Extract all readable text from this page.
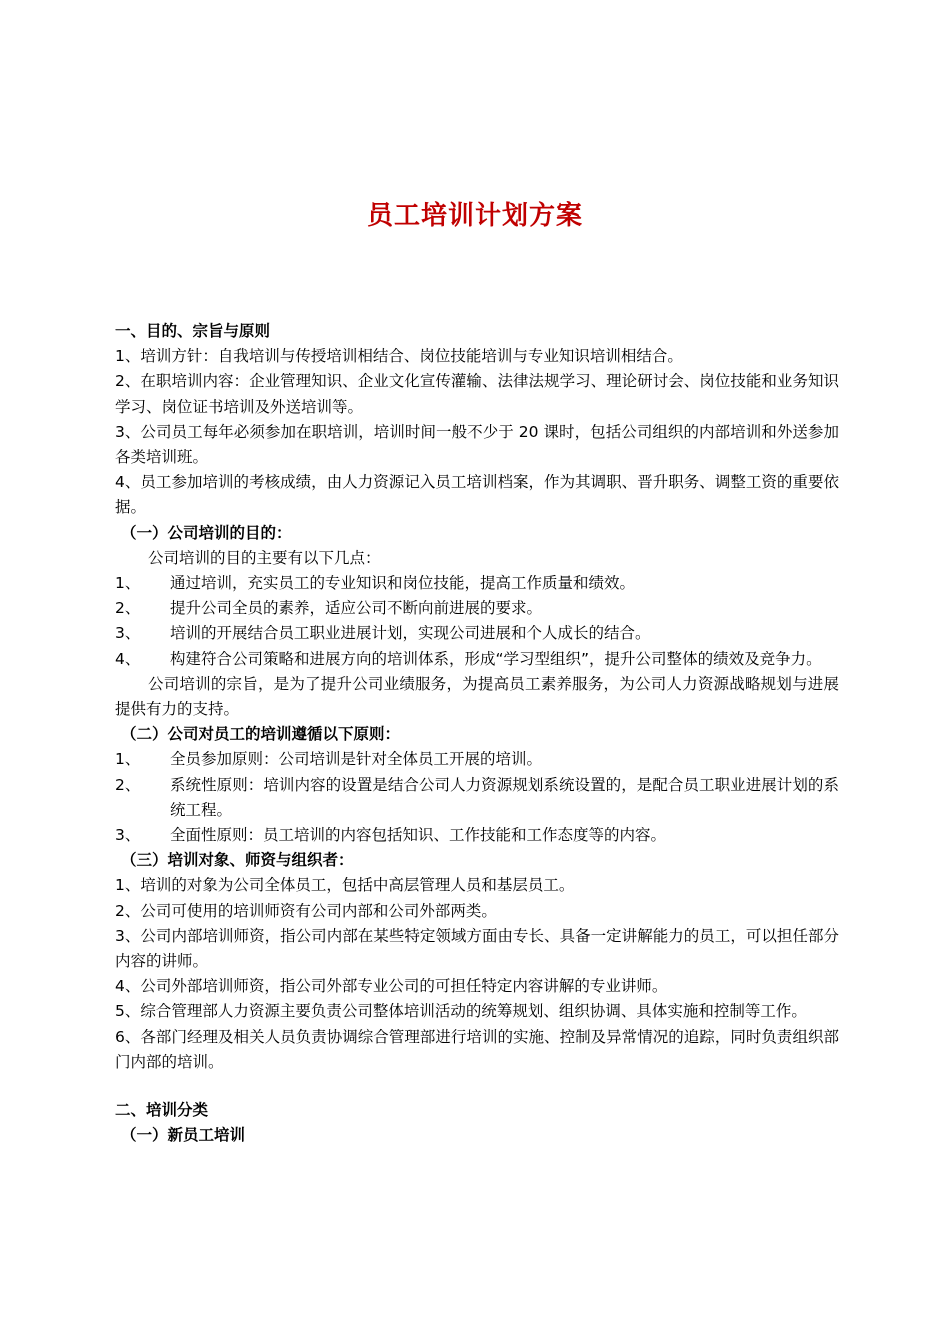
员工培训计划方案

一、目的、宗旨与原则

1、培训方针：自我培训与传授培训相结合、岗位技能培训与专业知识培训相结合。

2、在职培训内容：企业管理知识、企业文化宣传灌输、法律法规学习、理论研讨会、岗位技能和业务知识学习、岗位证书培训及外送培训等。

3、公司员工每年必须参加在职培训，培训时间一般不少于 20 课时，包括公司组织的内部培训和外送参加各类培训班。

4、员工参加培训的考核成绩，由人力资源记入员工培训档案，作为其调职、晋升职务、调整工资的重要依据。

（一）公司培训的目的：

公司培训的目的主要有以下几点：

1、	通过培训，充实员工的专业知识和岗位技能，提高工作质量和绩效。
2、	提升公司全员的素养，适应公司不断向前进展的要求。
3、	培训的开展结合员工职业进展计划，实现公司进展和个人成长的结合。
4、	构建符合公司策略和进展方向的培训体系，形成“学习型组织”，提升公司整体的绩效及竞争力。

公司培训的宗旨，是为了提升公司业绩服务，为提高员工素养服务，为公司人力资源战略规划与进展提供有力的支持。

（二）公司对员工的培训遵循以下原则：

1、	全员参加原则：公司培训是针对全体员工开展的培训。
2、	系统性原则：培训内容的设置是结合公司人力资源规划系统设置的，是配合员工职业进展计划的系统工程。
3、	全面性原则：员工培训的内容包括知识、工作技能和工作态度等的内容。

（三）培训对象、师资与组织者：

1、培训的对象为公司全体员工，包括中高层管理人员和基层员工。

2、公司可使用的培训师资有公司内部和公司外部两类。

3、公司内部培训师资，指公司内部在某些特定领域方面由专长、具备一定讲解能力的员工，可以担任部分内容的讲师。

4、公司外部培训师资，指公司外部专业公司的可担任特定内容讲解的专业讲师。

5、综合管理部人力资源主要负责公司整体培训活动的统筹规划、组织协调、具体实施和控制等工作。

6、各部门经理及相关人员负责协调综合管理部进行培训的实施、控制及异常情况的追踪，同时负责组织部门内部的培训。

二、培训分类

（一）新员工培训
